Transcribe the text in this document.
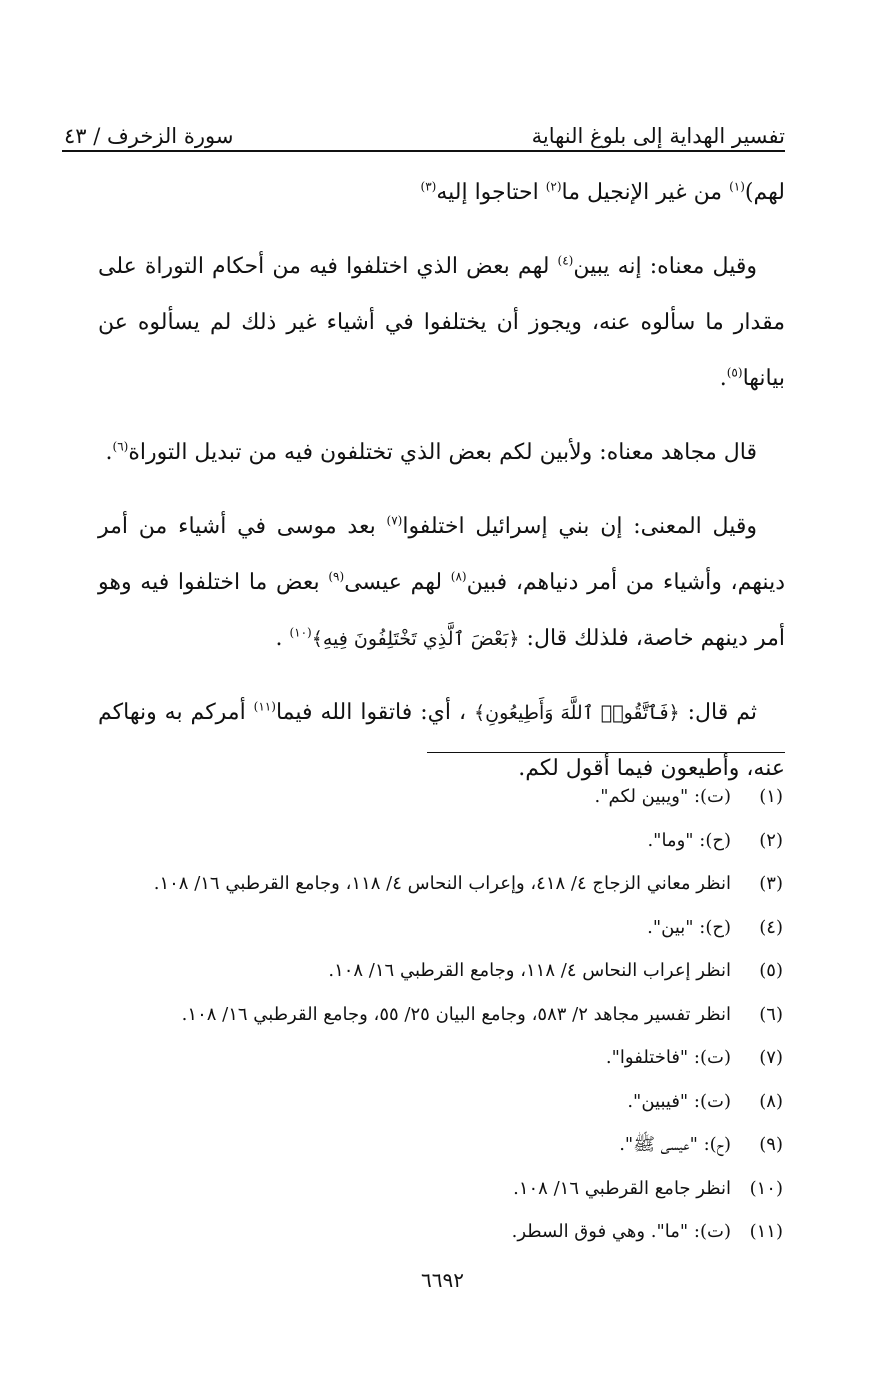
تفسير الهداية إلى بلوغ النهاية
سورة الزخرف / ٤٣

لهم)$^{(١)}$ من غير الإنجيل ما$^{(٢)}$ احتاجوا إليه$^{(٣)}$

وقيل معناه: إنه يبين$^{(٤)}$ لهم بعض الذي اختلفوا فيه من أحكام التوراة على مقدار ما سألوه عنه، ويجوز أن يختلفوا في أشياء غير ذلك لم يسألوه عن بيانها$^{(٥)}$.

قال مجاهد معناه: ولأبين لكم بعض الذي تختلفون فيه من تبديل التوراة$^{(٦)}$.

وقيل المعنى: إن بني إسرائيل اختلفوا$^{(٧)}$ بعد موسى في أشياء من أمر دينهم، وأشياء من أمر دنياهم، فبين$^{(٨)}$ لهم عيسى$^{(٩)}$ بعض ما اختلفوا فيه وهو أمر دينهم خاصة، فلذلك قال: ﴿بَعْضَ ٱلَّذِي تَخْتَلِفُونَ فِيهِ﴾$^{(١٠)}$ .

ثم قال: ﴿فَٱتَّقُوا۟ ٱللَّهَ وَأَطِيعُونِ﴾ ، أي: فاتقوا الله فيما$^{(١١)}$ أمركم به ونهاكم عنه، وأطيعون فيما أقول لكم.

(١)
(ت): "ويبين لكم".
(٢)
(ح): "وما".
(٣)
انظر معاني الزجاج ٤/ ٤١٨، وإعراب النحاس ٤/ ١١٨، وجامع القرطبي ١٦/ ١٠٨.
(٤)
(ح): "بين".
(٥)
انظر إعراب النحاس ٤/ ١١٨، وجامع القرطبي ١٦/ ١٠٨.
(٦)
انظر تفسير مجاهد ٢/ ٥٨٣، وجامع البيان ٢٥/ ٥٥، وجامع القرطبي ١٦/ ١٠٨.
(٧)
(ت): "فاختلفوا".
(٨)
(ت): "فيبين".
(٩)
(ح): "عيسى ﷺ".
(١٠)
انظر جامع القرطبي ١٦/ ١٠٨.
(١١)
(ت): "ما". وهي فوق السطر.
٦٦٩٢
